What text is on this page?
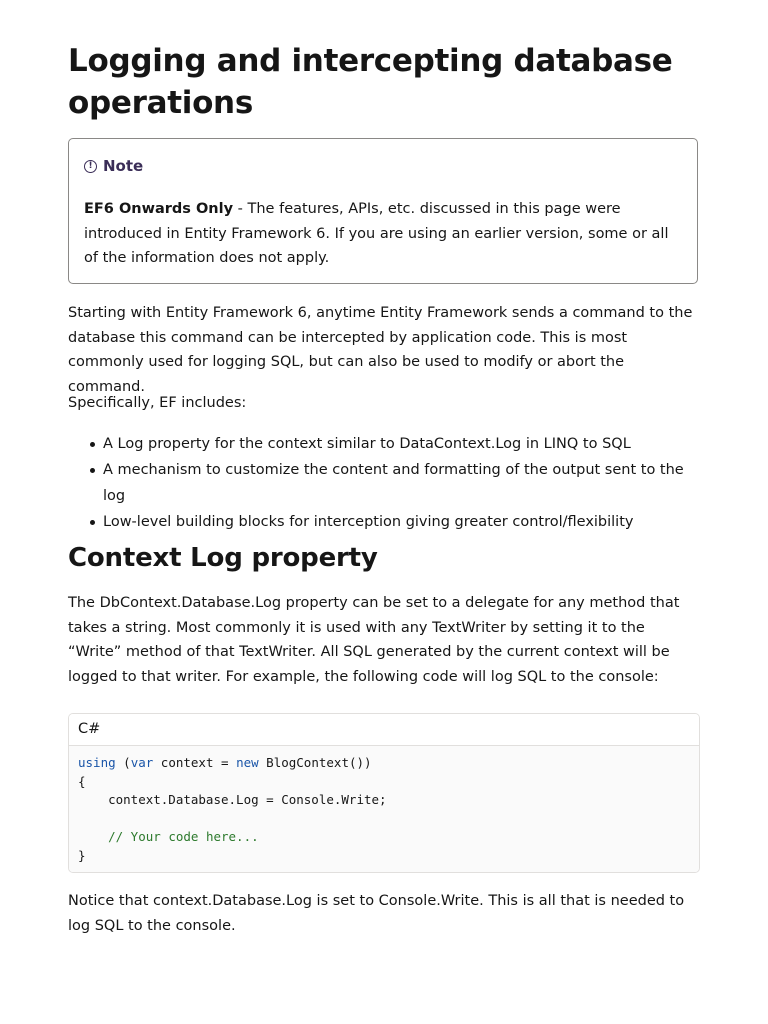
Logging and intercepting database operations
! Note
EF6 Onwards Only - The features, APIs, etc. discussed in this page were introduced in Entity Framework 6. If you are using an earlier version, some or all of the information does not apply.

Starting with Entity Framework 6, anytime Entity Framework sends a command to the database this command can be intercepted by application code. This is most commonly used for logging SQL, but can also be used to modify or abort the command.

Specifically, EF includes:

A Log property for the context similar to DataContext.Log in LINQ to SQL
A mechanism to customize the content and formatting of the output sent to the log
Low-level building blocks for interception giving greater control/flexibility
Context Log property

The DbContext.Database.Log property can be set to a delegate for any method that takes a string. Most commonly it is used with any TextWriter by setting it to the “Write” method of that TextWriter. All SQL generated by the current context will be logged to that writer. For example, the following code will log SQL to the console:

C#
using (var context = new BlogContext())
{
context.Database.Log = Console.Write;

// Your code here...
}

Notice that context.Database.Log is set to Console.Write. This is all that is needed to log SQL to the console.
